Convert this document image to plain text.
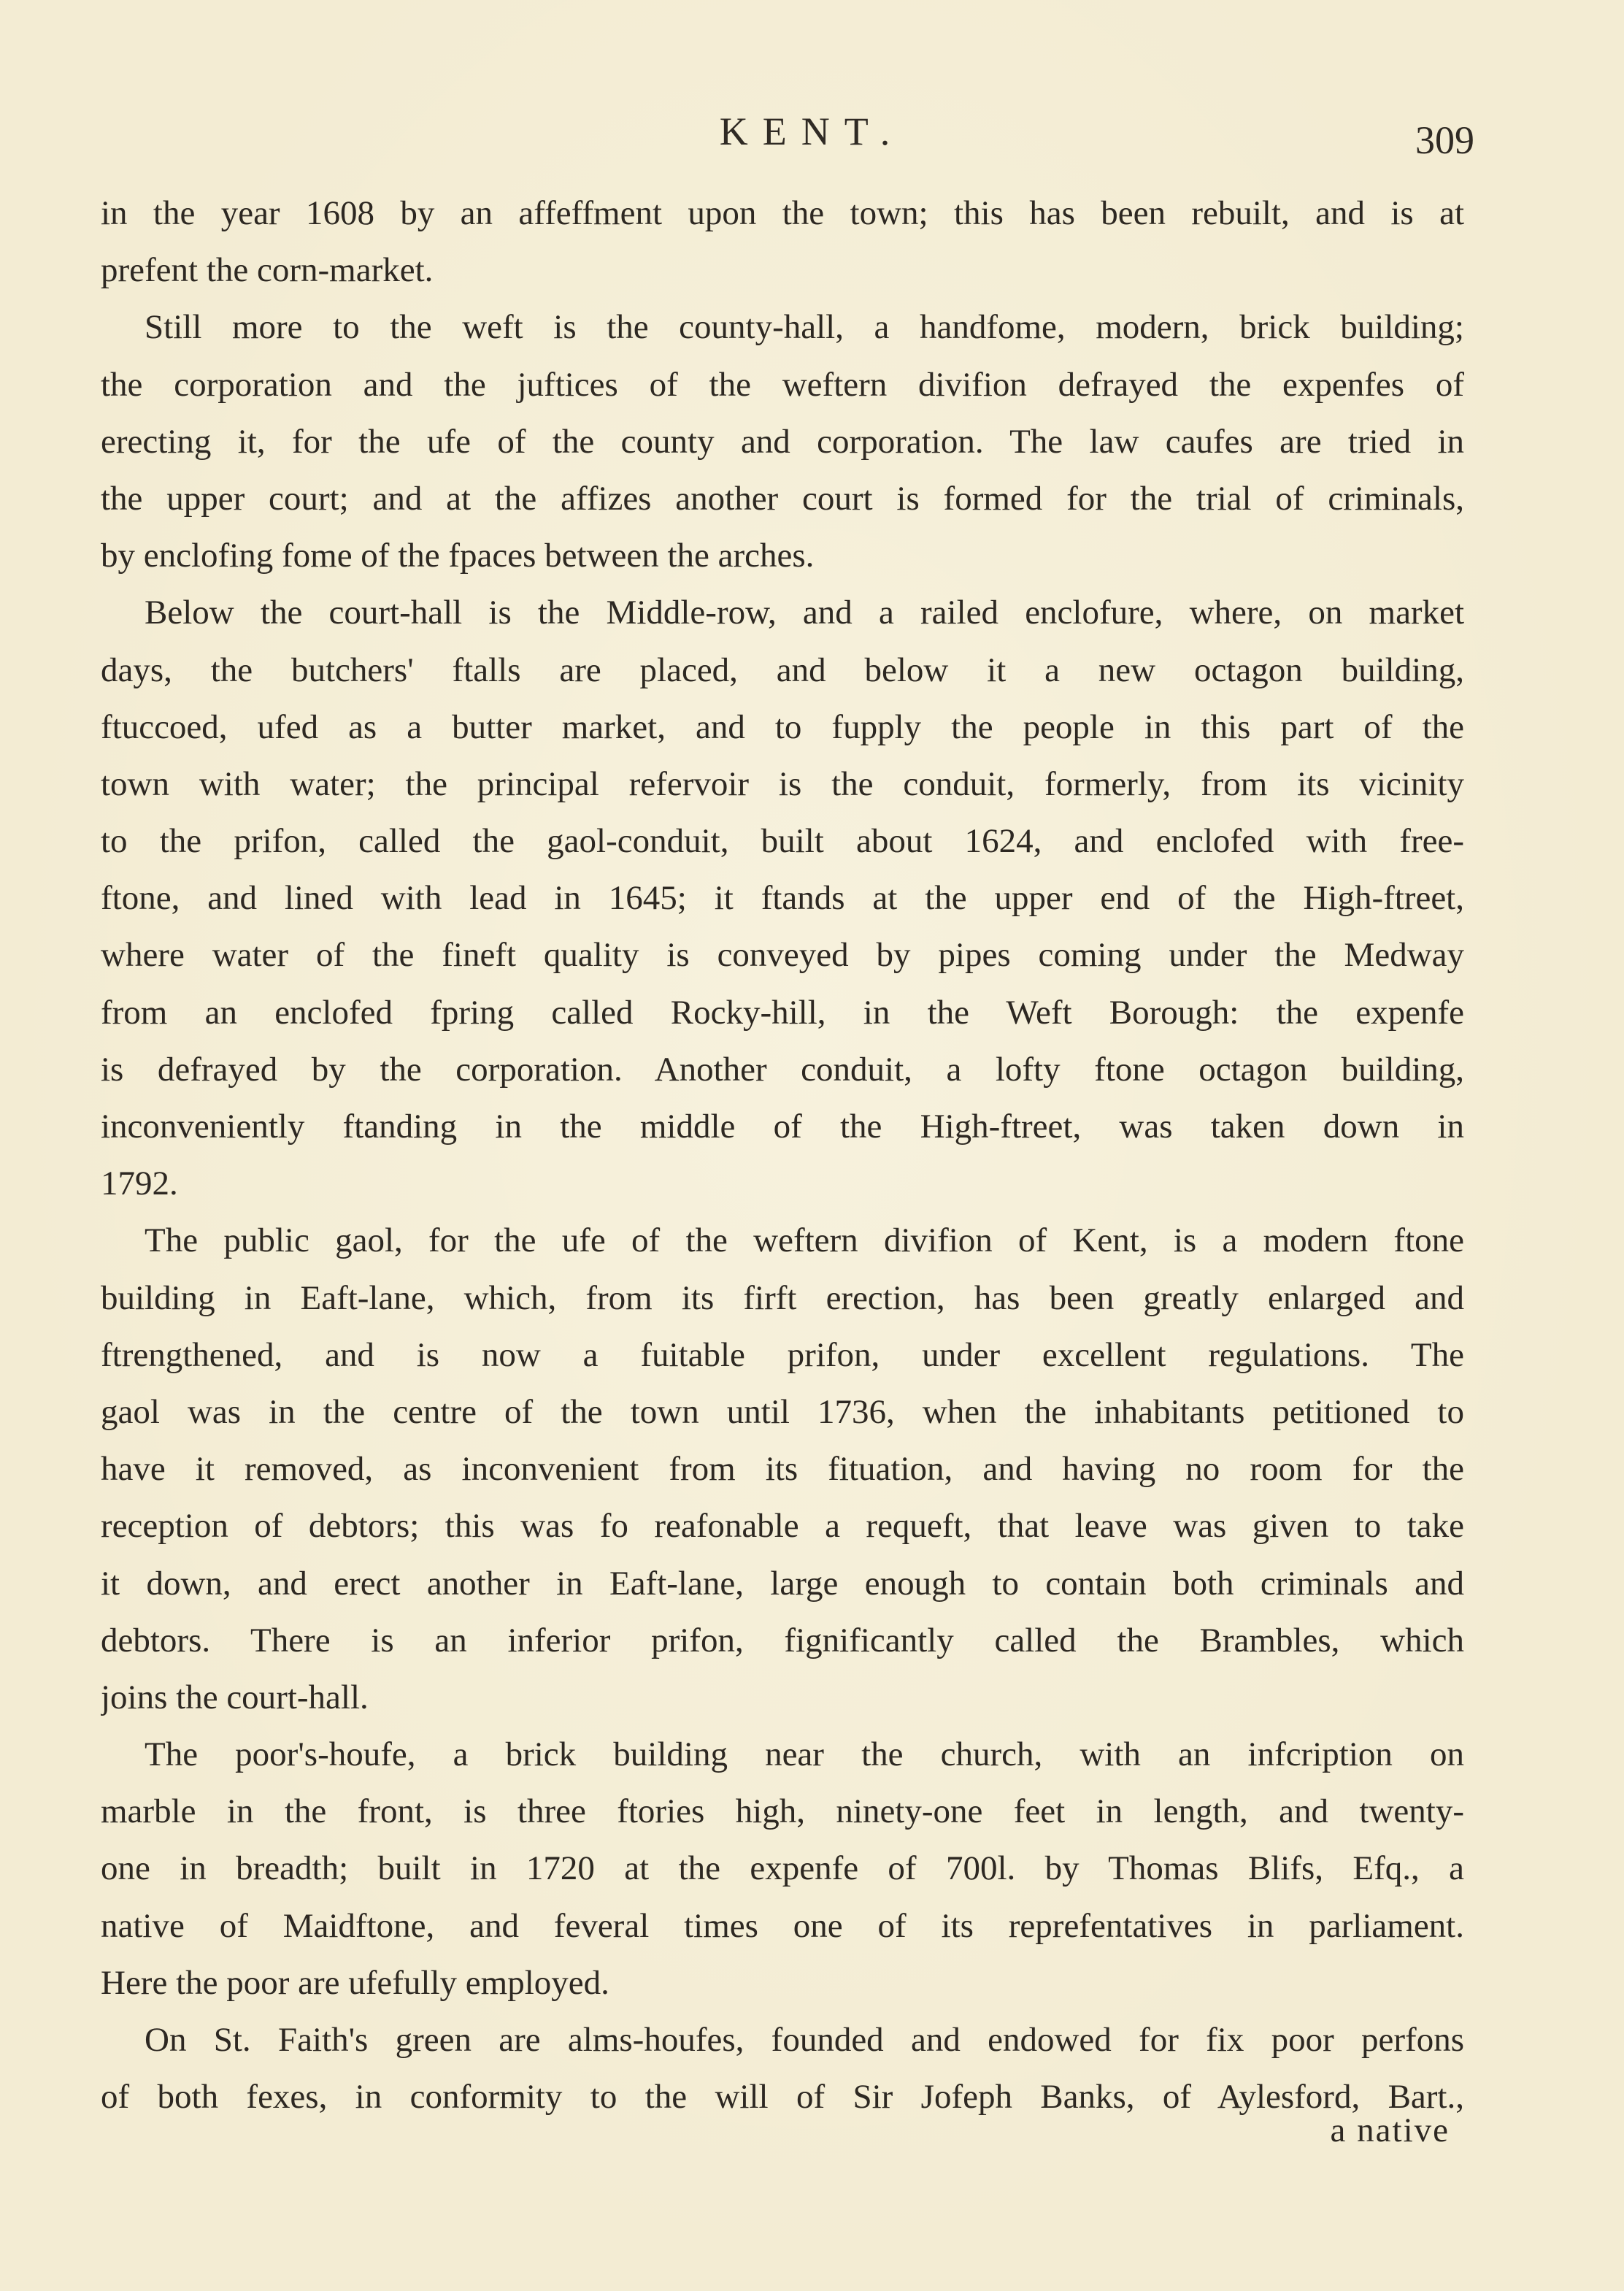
KENT.	309
in the year 1608 by an affeffment upon the town; this has been rebuilt, and is at
prefent the corn-market.
Still more to the weft is the county-hall, a handfome, modern, brick building;
the corporation and the juftices of the weftern divifion defrayed the expenfes of
erecting it, for the ufe of the county and corporation. The law caufes are tried in
the upper court; and at the affizes another court is formed for the trial of criminals,
by enclofing fome of the fpaces between the arches.
Below the court-hall is the Middle-row, and a railed enclofure, where, on market
days, the butchers' ftalls are placed, and below it a new octagon building,
ftuccoed, ufed as a butter market, and to fupply the people in this part of the
town with water; the principal refervoir is the conduit, formerly, from its vicinity
to the prifon, called the gaol-conduit, built about 1624, and enclofed with free-
ftone, and lined with lead in 1645; it ftands at the upper end of the High-ftreet,
where water of the fineft quality is conveyed by pipes coming under the Medway
from an enclofed fpring called Rocky-hill, in the Weft Borough: the expenfe
is defrayed by the corporation. Another conduit, a lofty ftone octagon building,
inconveniently ftanding in the middle of the High-ftreet, was taken down in
1792.
The public gaol, for the ufe of the weftern divifion of Kent, is a modern ftone
building in Eaft-lane, which, from its firft erection, has been greatly enlarged and
ftrengthened, and is now a fuitable prifon, under excellent regulations. The
gaol was in the centre of the town until 1736, when the inhabitants petitioned to
have it removed, as inconvenient from its fituation, and having no room for the
reception of debtors; this was fo reafonable a requeft, that leave was given to take
it down, and erect another in Eaft-lane, large enough to contain both criminals and
debtors. There is an inferior prifon, fignificantly called the Brambles, which
joins the court-hall.
The poor's-houfe, a brick building near the church, with an infcription on
marble in the front, is three ftories high, ninety-one feet in length, and twenty-
one in breadth; built in 1720 at the expenfe of 700l. by Thomas Blifs, Efq., a
native of Maidftone, and feveral times one of its reprefentatives in parliament.
Here the poor are ufefully employed.
On St. Faith's green are alms-houfes, founded and endowed for fix poor perfons
of both fexes, in conformity to the will of Sir Jofeph Banks, of Aylesford, Bart.,
a native
